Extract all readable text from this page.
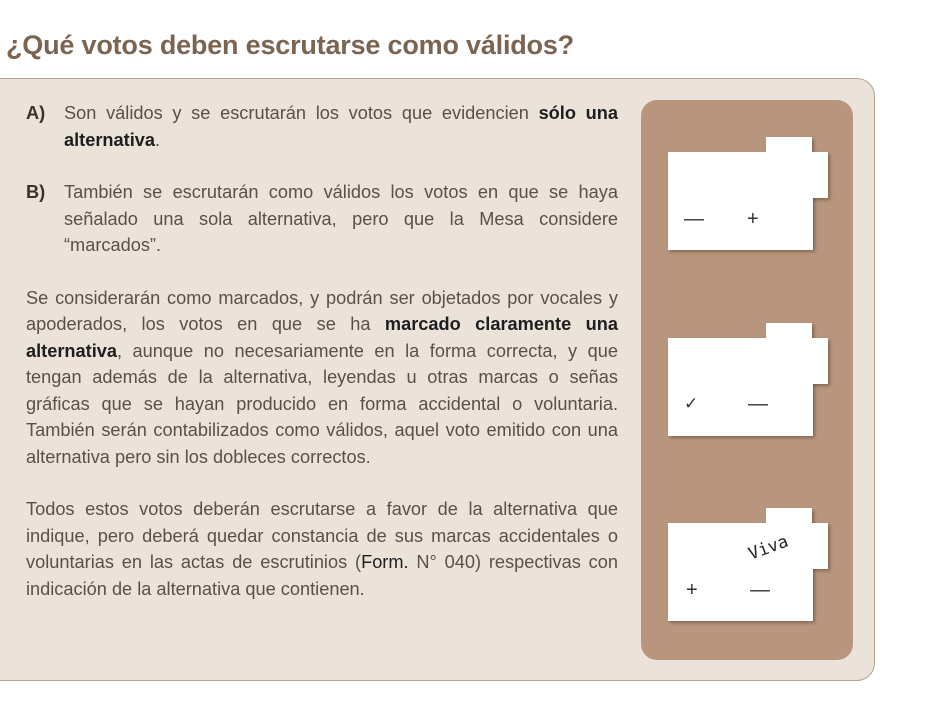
¿Qué votos deben escrutarse como válidos?
A)	Son válidos y se escrutarán los votos que evidencien sólo una alternativa.
B)	También se escrutarán como válidos los votos en que se haya señalado una sola alternativa, pero que la Mesa considere “marcados”.

Se considerarán como marcados, y podrán ser objetados por vocales y apoderados, los votos en que se ha marcado claramente una alternativa, aunque no necesariamente en la forma correcta, y que tengan además de la alternativa, leyendas u otras marcas o señas gráficas que se hayan producido en forma accidental o voluntaria. También serán contabilizados como válidos, aquel voto emitido con una alternativa pero sin los dobleces correctos.

Todos estos votos deberán escrutarse a favor de la alternativa que indique, pero deberá quedar constancia de sus marcas accidentales o voluntarias en las actas de escrutinios (Form. N° 040) respectivas con indicación de la alternativa que contienen.

— +
✓ —
Viva
+	—
